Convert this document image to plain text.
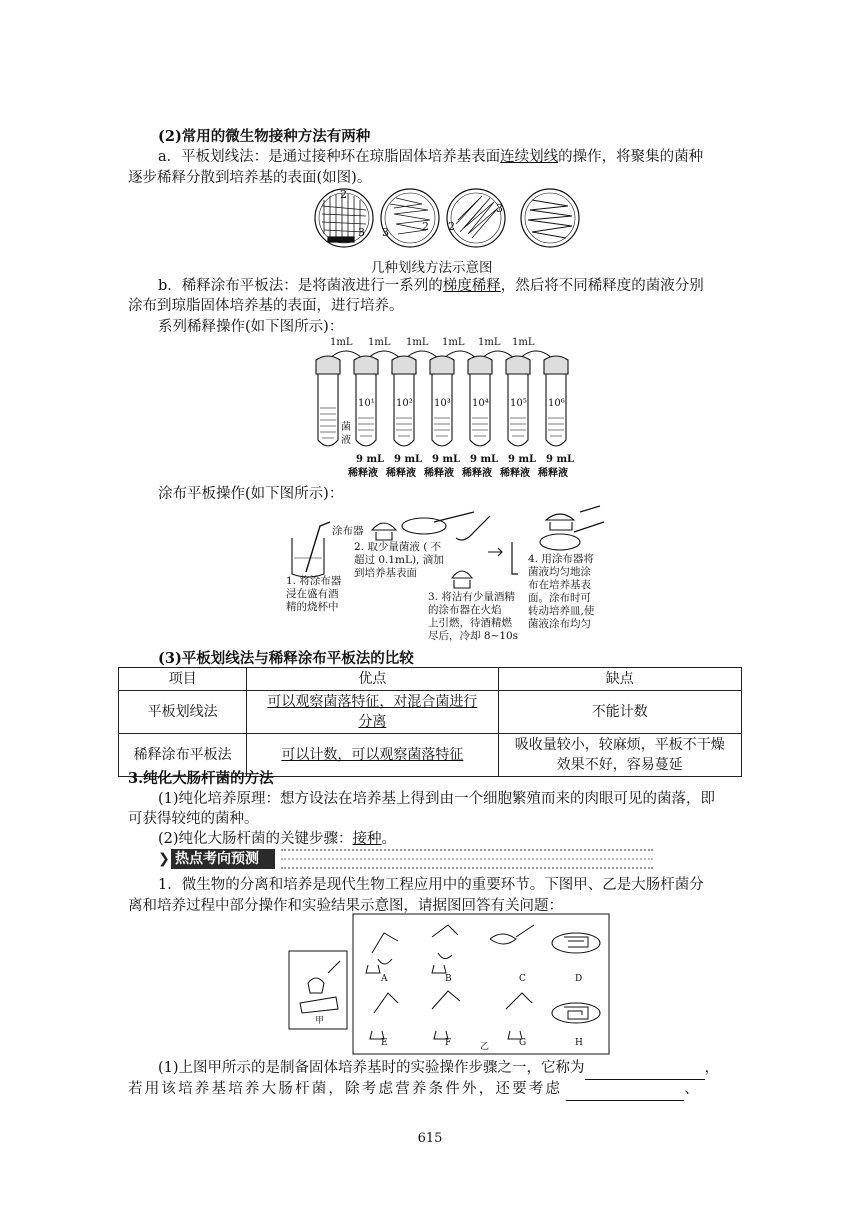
(2)常用的微生物接种方法有两种
a．平板划线法：是通过接种环在琼脂固体培养基表面连续划线的操作，将聚集的菌种
逐步稀释分散到培养基的表面(如图)。
2
3 3	2 2
3
几种划线方法示意图
b．稀释涂布平板法：是将菌液进行一系列的梯度稀释，然后将不同稀释度的菌液分别
涂布到琼脂固体培养基的表面，进行培养。
系列稀释操作(如下图所示)：
1mL 1mL 1mL 1mL 1mL 1mL
菌液
10¹ 10² 10³ 10⁴ 10⁵ 10⁶
9 mL 9 mL 9 mL 9 mL 9 mL 9 mL
稀释液 稀释液 稀释液 稀释液 稀释液 稀释液
涂布平板操作(如下图所示)：
涂布器
1. 将涂布器
浸在盛有酒
精的烧杯中
2. 取少量菌液 ( 不
超过 0.1mL), 滴加
到培养基表面
3. 将沾有少量酒精
的涂布器在火焰
上引燃，待酒精燃
尽后，冷却 8~10s
4. 用涂布器将
菌液均匀地涂
布在培养基表
面。涂布时可
转动培养皿,使
菌液涂布均匀
(3)平板划线法与稀释涂布平板法的比较
项目	优点	缺点
平板划线法	可以观察菌落特征，对混合菌进行
分离	不能计数
稀释涂布平板法	可以计数，可以观察菌落特征	吸收量较小，较麻烦，平板不干燥
效果不好，容易蔓延
3.纯化大肠杆菌的方法
(1)纯化培养原理：想方设法在培养基上得到由一个细胞繁殖而来的肉眼可见的菌落，即
可获得较纯的菌种。
(2)纯化大肠杆菌的关键步骤：接种。
❯ 热点考向预测
1．微生物的分离和培养是现代生物工程应用中的重要环节。下图甲、乙是大肠杆菌分
离和培养过程中部分操作和实验结果示意图，请据图回答有关问题：
甲
乙
A	B	C	D
E	F	G	H
(1)上图甲所示的是制备固体培养基时的实验操作步骤之一，它称为	，
若用该培养基培养大肠杆菌，除考虑营养条件外，还要考虑	、
615
